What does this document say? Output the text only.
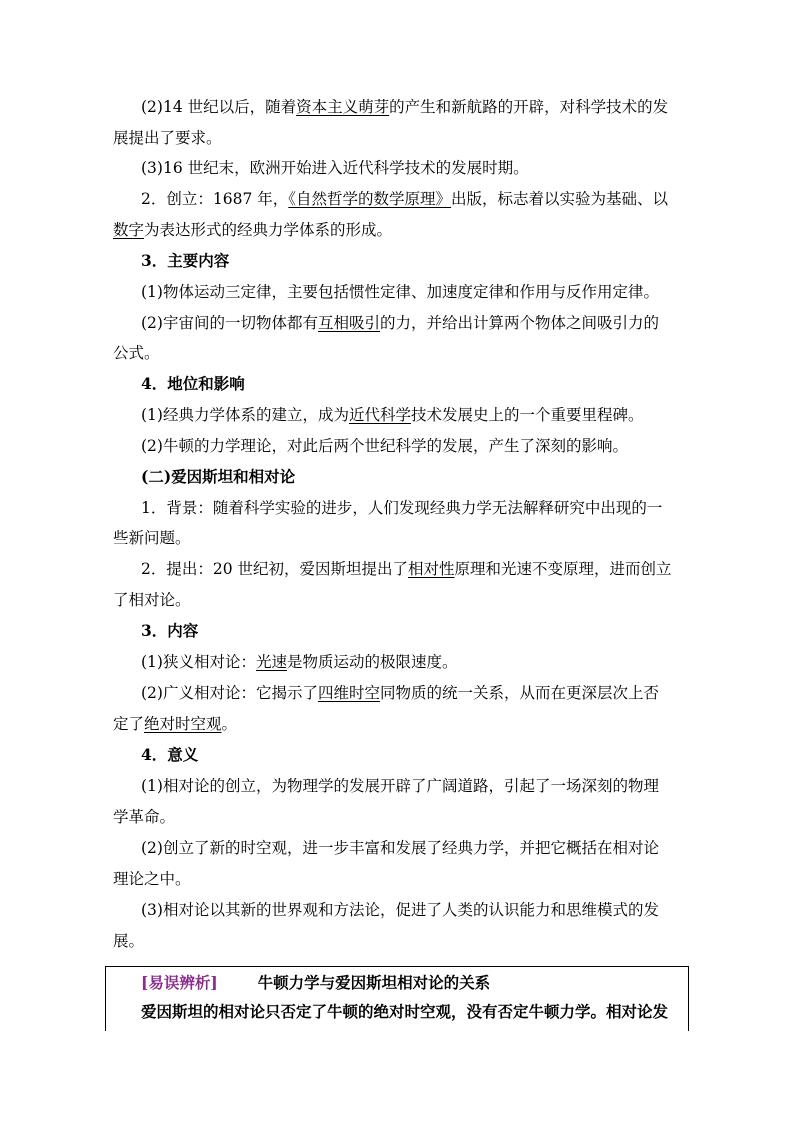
(2)14 世纪以后，随着资本主义萌芽的产生和新航路的开辟，对科学技术的发
展提出了要求。
(3)16 世纪末，欧洲开始进入近代科学技术的发展时期。
2．创立：1687 年，《自然哲学的数学原理》出版，标志着以实验为基础、以
数字为表达形式的经典力学体系的形成。
3．主要内容
(1)物体运动三定律，主要包括惯性定律、加速度定律和作用与反作用定律。
(2)宇宙间的一切物体都有互相吸引的力，并给出计算两个物体之间吸引力的
公式。
4．地位和影响
(1)经典力学体系的建立，成为近代科学技术发展史上的一个重要里程碑。
(2)牛顿的力学理论，对此后两个世纪科学的发展，产生了深刻的影响。
(二)爱因斯坦和相对论
1．背景：随着科学实验的进步，人们发现经典力学无法解释研究中出现的一
些新问题。
2．提出：20 世纪初，爱因斯坦提出了相对性原理和光速不变原理，进而创立
了相对论。
3．内容
(1)狭义相对论：光速是物质运动的极限速度。
(2)广义相对论：它揭示了四维时空同物质的统一关系，从而在更深层次上否
定了绝对时空观。
4．意义
(1)相对论的创立，为物理学的发展开辟了广阔道路，引起了一场深刻的物理
学革命。
(2)创立了新的时空观，进一步丰富和发展了经典力学，并把它概括在相对论
理论之中。
(3)相对论以其新的世界观和方法论，促进了人类的认识能力和思维模式的发
展。
[易误辨析]	牛顿力学与爱因斯坦相对论的关系
爱因斯坦的相对论只否定了牛顿的绝对时空观，没有否定牛顿力学。相对论发
